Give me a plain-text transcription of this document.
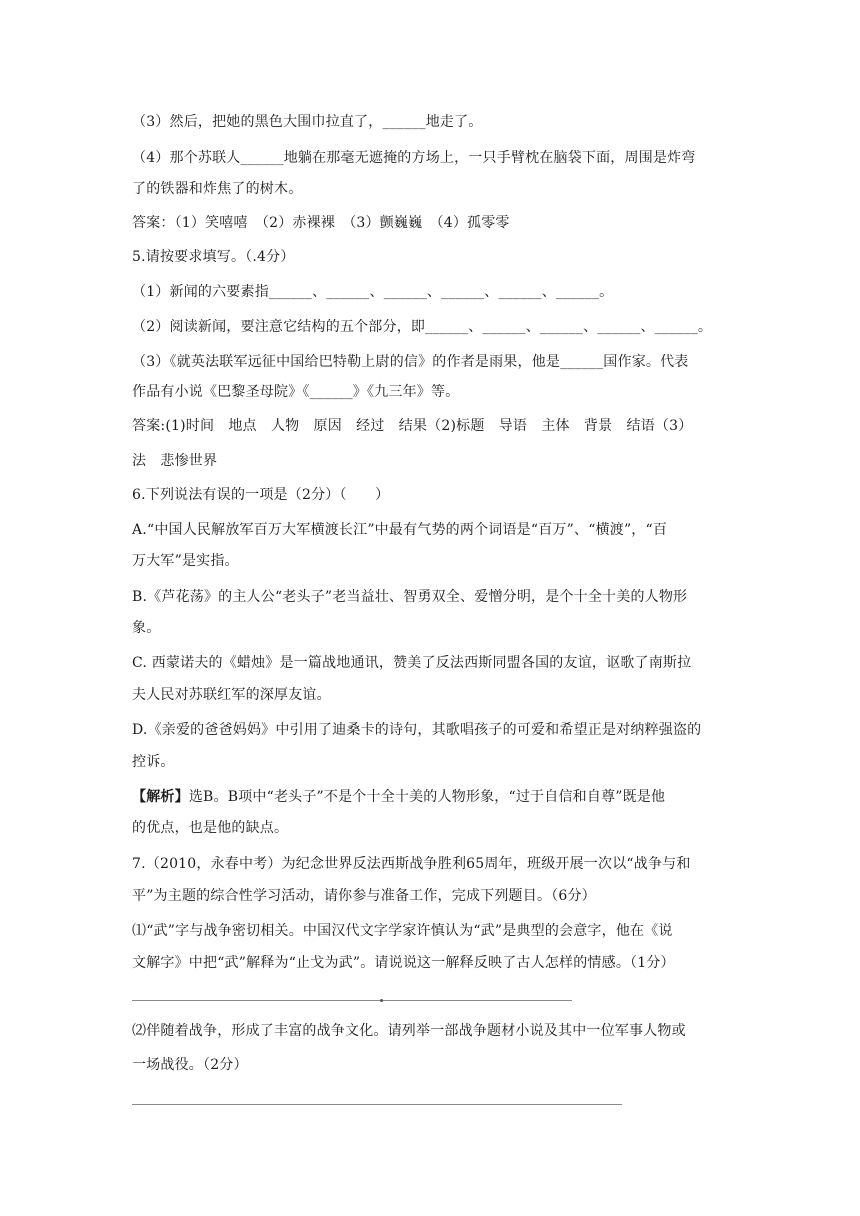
（3）然后，把她的黑色大围巾拉直了，______地走了。
（4）那个苏联人______地躺在那毫无遮掩的方场上，一只手臂枕在脑袋下面，周围是炸弯
了的铁器和炸焦了的树木。
答案：（1）笑嘻嘻　（2）赤裸裸　（3）颤巍巍　（4）孤零零
5.请按要求填写。（.4分）
（1）新闻的六要素指______、______、______、______、______、______。
（2）阅读新闻，要注意它结构的五个部分，即______、______、______、______、______。
（3）《就英法联军远征中国给巴特勒上尉的信》的作者是雨果，他是______国作家。代表
作品有小说《巴黎圣母院》《______》《九三年》等。
答案:(1)时间　地点　人物　原因　经过　结果（2)标题　导语　主体　背景　结语（3）
法　悲惨世界
6.下列说法有误的一项是（2分）（　　）
A.“中国人民解放军百万大军横渡长江”中最有气势的两个词语是“百万”、“横渡”，“百
万大军”是实指。
B.《芦花荡》的主人公“老头子”老当益壮、智勇双全、爱憎分明，是个十全十美的人物形
象。
C. 西蒙诺夫的《蜡烛》是一篇战地通讯，赞美了反法西斯同盟各国的友谊，讴歌了南斯拉
夫人民对苏联红军的深厚友谊。
D.《亲爱的爸爸妈妈》中引用了迪桑卡的诗句，其歌唱孩子的可爱和希望正是对纳粹强盗的
控诉。
【解析】选B。B项中“老头子”不是个十全十美的人物形象，“过于自信和自尊”既是他
的优点，也是他的缺点。
7.（2010，永春中考）为纪念世界反法西斯战争胜利65周年，班级开展一次以“战争与和
平”为主题的综合性学习活动，请你参与准备工作，完成下列题目。（6分）
⑴“武”字与战争密切相关。中国汉代文字学家许慎认为“武”是典型的会意字，他在《说
文解字》中把“武”解释为“止戈为武”。请说说这一解释反映了古人怎样的情感。（1分）
⑵伴随着战争，形成了丰富的战争文化。请列举一部战争题材小说及其中一位军事人物或
一场战役。（2分）
